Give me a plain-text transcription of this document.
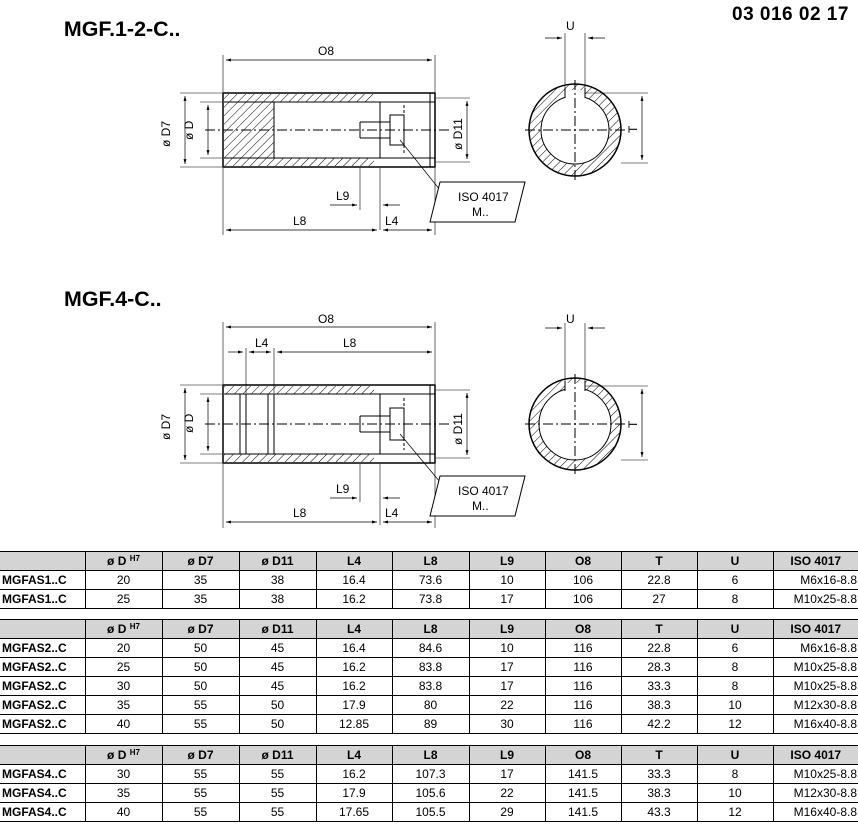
03 016 02 17
MGF.1-2-C..
MGF.4-C..
O8
ø D7 ø D	ø D11
L9
L8	L4
U
T
ISO 4017
M..
O8
L4	L8
ø D7 ø D	ø D11
L9
L8	L4
U
T
ISO 4017
M..
	ø D $^{H7}$	ø D7	ø D11	L4	L8	L9	O8	T	U	ISO 4017
MGFAS1..C	20	35	38	16.4	73.6	10	106	22.8	6	M6x16-8.8
MGFAS1..C	25	35	38	16.2	73.8	17	106	27	8	M10x25-8.8
	ø D $^{H7}$	ø D7	ø D11	L4	L8	L9	O8	T	U	ISO 4017
MGFAS2..C	20	50	45	16.4	84.6	10	116	22.8	6	M6x16-8.8
MGFAS2..C	25	50	45	16.2	83.8	17	116	28.3	8	M10x25-8.8
MGFAS2..C	30	50	45	16.2	83.8	17	116	33.3	8	M10x25-8.8
MGFAS2..C	35	55	50	17.9	80	22	116	38.3	10	M12x30-8.8
MGFAS2..C	40	55	50	12.85	89	30	116	42.2	12	M16x40-8.8
	ø D $^{H7}$	ø D7	ø D11	L4	L8	L9	O8	T	U	ISO 4017
MGFAS4..C	30	55	55	16.2	107.3	17	141.5	33.3	8	M10x25-8.8
MGFAS4..C	35	55	55	17.9	105.6	22	141.5	38.3	10	M12x30-8.8
MGFAS4..C	40	55	55	17.65	105.5	29	141.5	43.3	12	M16x40-8.8
